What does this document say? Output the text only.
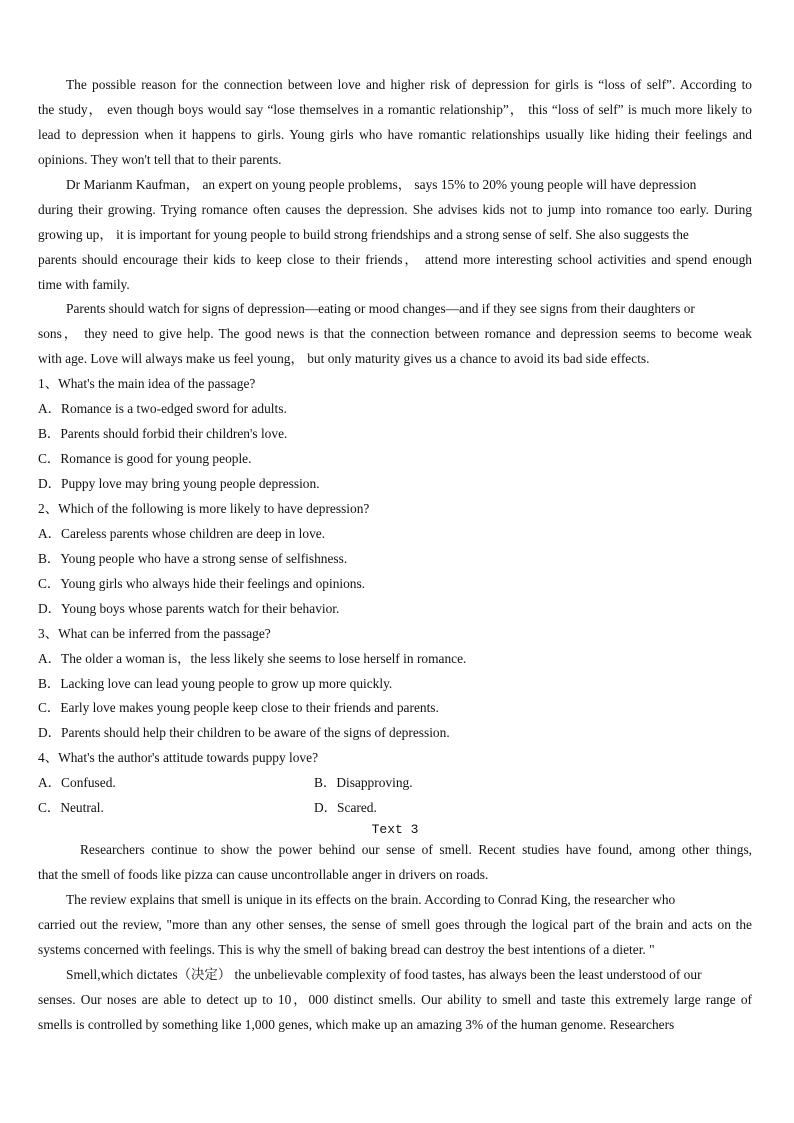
The possible reason for the connection between love and higher risk of depression for girls is “loss of self”. According to
the study， even though boys would say “lose themselves in a romantic relationship”， this “loss of self” is much more likely to
lead to depression when it happens to girls. Young girls who have romantic relationships usually like hiding their feelings and
opinions. They won't tell that to their parents.
Dr Marianm Kaufman， an expert on young people problems， says 15% to 20% young people will have depression
during their growing. Trying romance often causes the depression. She advises kids not to jump into romance too early. During
growing up， it is important for young people to build strong friendships and a strong sense of self. She also suggests the
parents should encourage their kids to keep close to their friends， attend more interesting school activities and spend enough
time with family.
Parents should watch for signs of depression—eating or mood changes—and if they see signs from their daughters or
sons， they need to give help. The good news is that the connection between romance and depression seems to become weak
with age. Love will always make us feel young， but only maturity gives us a chance to avoid its bad side effects.
1、What's the main idea of the passage?
A．Romance is a two-edged sword for adults.
B．Parents should forbid their children's love.
C．Romance is good for young people.
D．Puppy love may bring young people depression.
2、Which of the following is more likely to have depression?
A．Careless parents whose children are deep in love.
B．Young people who have a strong sense of selfishness.
C．Young girls who always hide their feelings and opinions.
D．Young boys whose parents watch for their behavior.
3、What can be inferred from the passage?
A．The older a woman is，the less likely she seems to lose herself in romance.
B．Lacking love can lead young people to grow up more quickly.
C．Early love makes young people keep close to their friends and parents.
D．Parents should help their children to be aware of the signs of depression.
4、What's the author's attitude towards puppy love?
A．Confused.	B．Disapproving.
C．Neutral.	D．Scared.
Text 3
Researchers continue to show the power behind our sense of smell. Recent studies have found, among other things,
that the smell of foods like pizza can cause uncontrollable anger in drivers on roads.
The review explains that smell is unique in its effects on the brain. According to Conrad King, the researcher who
carried out the review, "more than any other senses, the sense of smell goes through the logical part of the brain and acts on the
systems concerned with feelings. This is why the smell of baking bread can destroy the best intentions of a dieter. "
Smell,which dictates（决定） the unbelievable complexity of food tastes, has always been the least understood of our
senses. Our noses are able to detect up to 10，000 distinct smells. Our ability to smell and taste this extremely large range of
smells is controlled by something like 1,000 genes, which make up an amazing 3% of the human genome. Researchers
